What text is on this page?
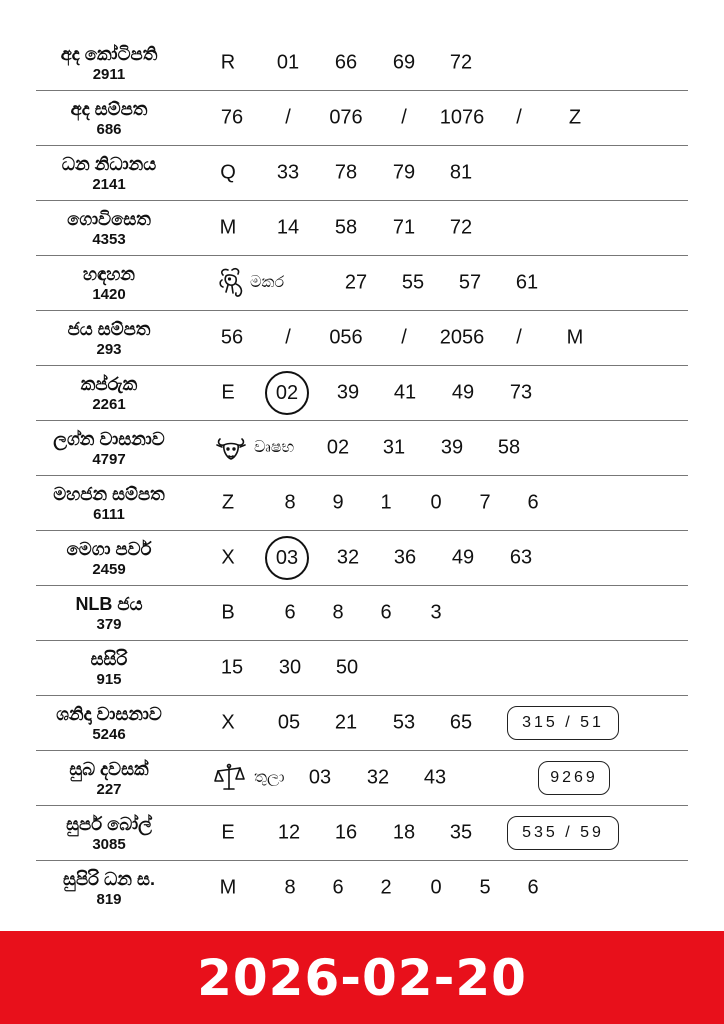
අද කෝටිපති
2911
R 01 66 69 72
අද සම්පත
686
76 / 076 / 1076 / Z
ධන නිධානය
2141
Q 33 78 79 81
ගොවිසෙත
4353
M 14 58 71 72
හඳහන
1420
මකර	27 55 57 61
ජය සම්පත
293
56 / 056 / 2056 / M
කප්රුක
2261
E	02	39 41 49 73
ලග්න වාසනාව
4797
වෘෂභ 02 31 39 58
මහජන සම්පත
6111
Z	8 9 1 0 7 6
මෙගා පවර්
2459
X	03	32 36 49 63
NLB ජය
379
B 6 8 6 3
සසිරි
915
15 30 50
ශනිදා වාසනාව
5246
X 05 21 53 65	315 / 51
සුබ දවසක්
227
තුලා 03 32 43	9269
සුපර් බෝල්
3085
E 12 16 18 35	535 / 59
සුපිරි ධන ස.
819
M 8 6 2 0 5 6
2026-02-20
